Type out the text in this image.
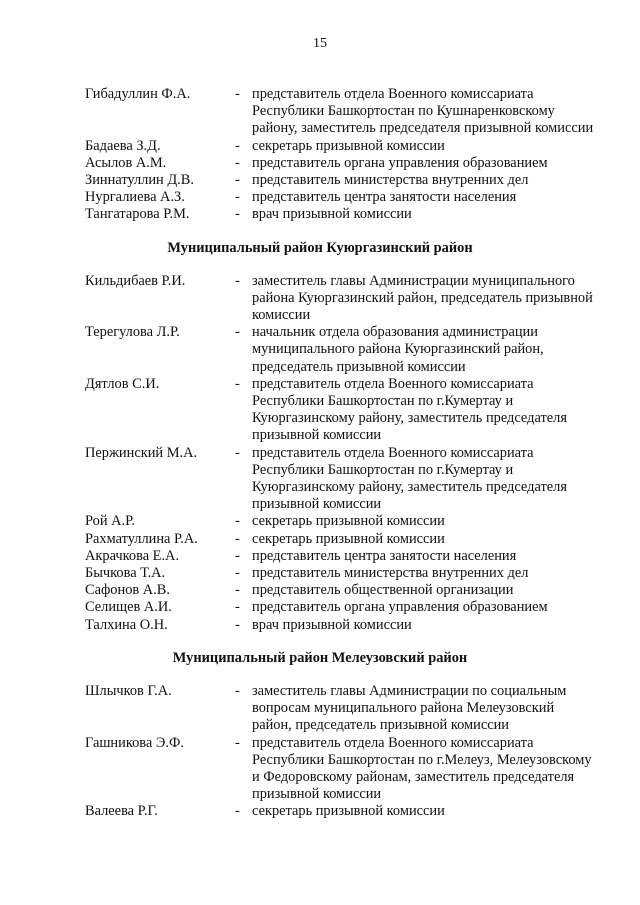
15
Гибадуллин Ф.А.	- представитель отдела Военного комиссариата Республики Башкортостан по Кушнаренковскому району, заместитель председателя призывной комиссии
Бадаева З.Д.	- секретарь призывной комиссии
Асылов А.М.	- представитель органа управления образованием
Зиннатуллин Д.В.	- представитель министерства внутренних дел
Нургалиева А.З.	- представитель центра занятости населения
Тангатарова Р.М.	- врач призывной комиссии
Муниципальный район Куюргазинский район
Кильдибаев Р.И.	- заместитель главы Администрации муниципального района Куюргазинский район, председатель призывной комиссии
Терегулова Л.Р.	- начальник отдела образования администрации муниципального района Куюргазинский район, председатель призывной комиссии
Дятлов С.И.	- представитель отдела Военного комиссариата Республики Башкортостан по г.Кумертау и Куюргазинскому району, заместитель председателя призывной комиссии
Пержинский М.А.	- представитель отдела Военного комиссариата Республики Башкортостан по г.Кумертау и Куюргазинскому району, заместитель председателя призывной комиссии
Рой А.Р.	- секретарь призывной комиссии
Рахматуллина Р.А.	- секретарь призывной комиссии
Акрачкова Е.А.	- представитель центра занятости населения
Бычкова Т.А.	- представитель министерства внутренних дел
Сафонов А.В.	- представитель общественной организации
Селищев А.И.	- представитель органа управления образованием
Талхина О.Н.	- врач призывной комиссии
Муниципальный район Мелеузовский район
Шлычков Г.А.	- заместитель главы Администрации по социальным вопросам муниципального района Мелеузовский район, председатель призывной комиссии
Гашникова Э.Ф.	- представитель отдела Военного комиссариата Республики Башкортостан по г.Мелеуз, Мелеузовскому и Федоровскому районам, заместитель председателя призывной комиссии
Валеева Р.Г.	- секретарь призывной комиссии
